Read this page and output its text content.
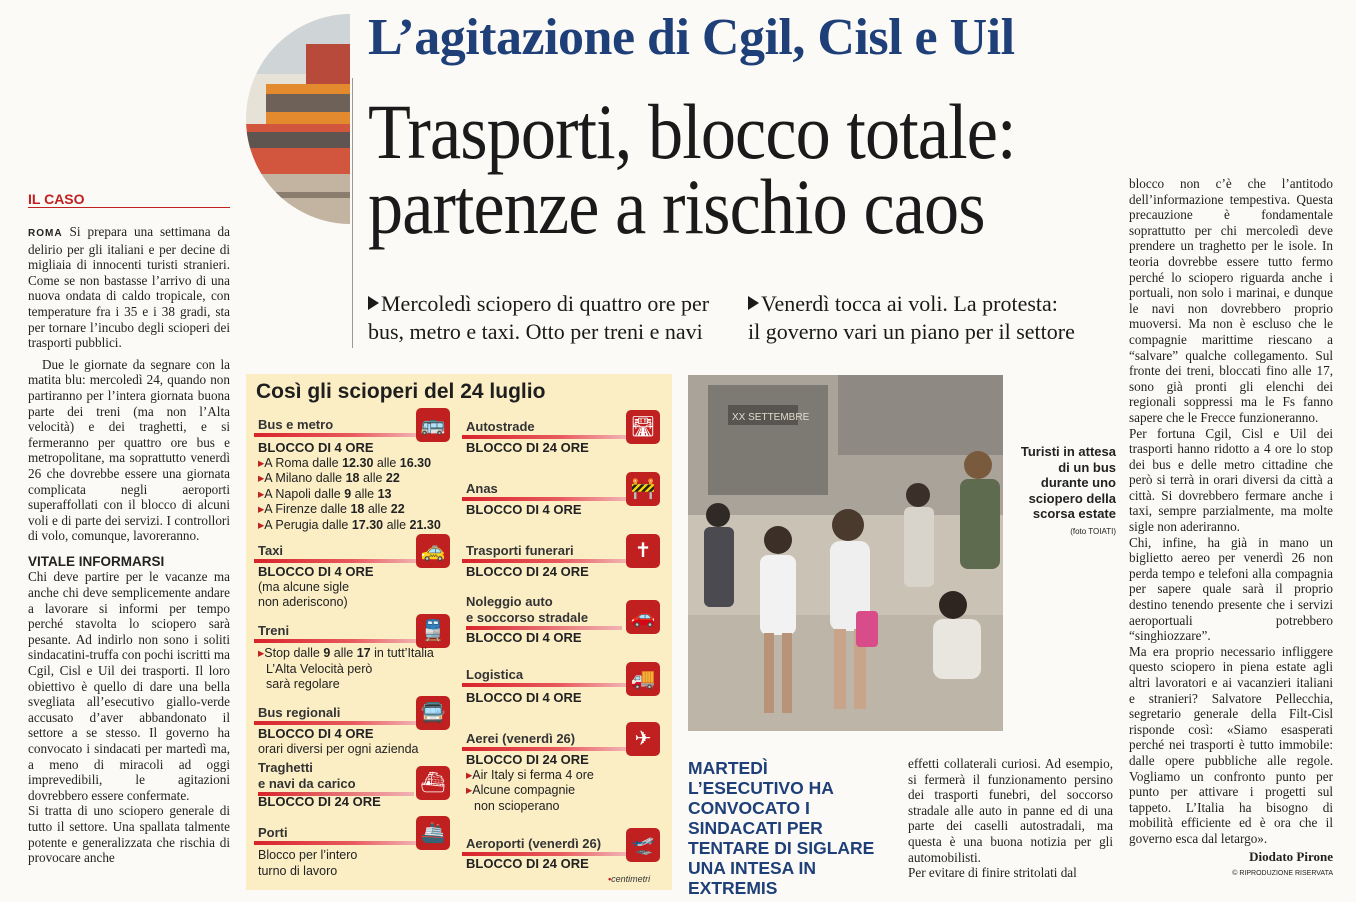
L’agitazione di Cgil, Cisl e Uil
Trasporti, blocco totale:
partenze a rischio caos
Mercoledì sciopero di quattro ore per
bus, metro e taxi. Otto per treni e navi
Venerdì tocca ai voli. La protesta:
il governo vari un piano per il settore
IL CASO

ROMA Si prepara una settimana da delirio per gli italiani e per decine di migliaia di innocenti turisti stranieri. Come se non bastasse l’arrivo di una nuova ondata di caldo tropicale, con temperature fra i 35 e i 38 gradi, sta per tornare l’incubo degli scioperi dei trasporti pubblici.

Due le giornate da segnare con la matita blu: mercoledì 24, quando non partiranno per l’intera giornata buona parte dei treni (ma non l’Alta velocità) e dei traghetti, e si fermeranno per quattro ore bus e metropolitane, ma soprattutto venerdì 26 che dovrebbe essere una giornata complicata negli aeroporti superaffollati con il blocco di alcuni voli e di parte dei servizi. I controllori di volo, comunque, lavoreranno.

VITALE INFORMARSI

Chi deve partire per le vacanze ma anche chi deve semplicemente andare a lavorare si informi per tempo perché stavolta lo sciopero sarà pesante. Ad indirlo non sono i soliti sindacatini-truffa con pochi iscritti ma Cgil, Cisl e Uil dei trasporti. Il loro obiettivo è quello di dare una bella svegliata all’esecutivo giallo-verde accusato d’aver abbandonato il settore a se stesso. Il governo ha convocato i sindacati per martedì ma, a meno di miracoli ad oggi imprevedibili, le agitazioni dovrebbero essere confermate.

Si tratta di uno sciopero generale di tutto il settore. Una spallata talmente potente e generalizzata che rischia di provocare anche

Così gli scioperi del 24 luglio
Bus e metro	🚌
BLOCCO DI 4 ORE
▸A Roma dalle 12.30 alle 16.30
▸A Milano dalle 18 alle 22
▸A Napoli dalle 9 alle 13
▸A Firenze dalle 18 alle 22
▸A Perugia dalle 17.30 alle 21.30
Taxi	🚕
BLOCCO DI 4 ORE
(ma alcune sigle
non aderiscono)
Treni	🚆
▸Stop dalle 9 alle 17 in tutt’Italia
L’Alta Velocità però
sarà regolare
Bus regionali	🚍
BLOCCO DI 4 ORE
orari diversi per ogni azienda
Traghetti
e navi da carico	⛴
BLOCCO DI 24 ORE
Porti	🚢
Blocco per l’intero
turno di lavoro
Autostrade	🛣
BLOCCO DI 24 ORE
Anas	🚧
BLOCCO DI 4 ORE
Trasporti funerari	✝
BLOCCO DI 24 ORE
Noleggio auto
e soccorso stradale	🚗
BLOCCO DI 4 ORE
Logistica	🚚
BLOCCO DI 4 ORE
Aerei (venerdì 26)	✈
BLOCCO DI 24 ORE
▸Air Italy si ferma 4 ore
▸Alcune compagnie
non scioperano
Aeroporti (venerdì 26)	🛫
BLOCCO DI 24 ORE
•centimetri
XX SETTEMBRE
Turisti in attesa di un bus durante uno sciopero della scorsa estate (foto TOIATI)
MARTEDÌ L’ESECUTIVO HA CONVOCATO I SINDACATI PER TENTARE DI SIGLARE UNA INTESA IN EXTREMIS

effetti collaterali curiosi. Ad esempio, si fermerà il funzionamento persino dei trasporti funebri, del soccorso stradale alle auto in panne ed di una parte dei caselli autostradali, ma questa è una buona notizia per gli automobilisti.

Per evitare di finire stritolati dal

blocco non c’è che l’antitodo dell’informazione tempestiva. Questa precauzione è fondamentale soprattutto per chi mercoledì deve prendere un traghetto per le isole. In teoria dovrebbe essere tutto fermo perché lo sciopero riguarda anche i portuali, non solo i marinai, e dunque le navi non dovrebbero proprio muoversi. Ma non è escluso che le compagnie marittime riescano a “salvare” qualche collegamento. Sul fronte dei treni, bloccati fino alle 17, sono già pronti gli elenchi dei regionali soppressi ma le Fs fanno sapere che le Frecce funzioneranno.

Per fortuna Cgil, Cisl e Uil dei trasporti hanno ridotto a 4 ore lo stop dei bus e delle metro cittadine che però si terrà in orari diversi da città a città. Si dovrebbero fermare anche i taxi, sempre parzialmente, ma molte sigle non aderiranno.

Chi, infine, ha già in mano un biglietto aereo per venerdì 26 non perda tempo e telefoni alla compagnia per sapere quale sarà il proprio destino tenendo presente che i servizi aeroportuali potrebbero “singhiozzare”.

Ma era proprio necessario infliggere questo sciopero in piena estate agli altri lavoratori e ai vacanzieri italiani e stranieri? Salvatore Pellecchia, segretario generale della Filt-Cisl risponde così: «Siamo esasperati perché nei trasporti è tutto immobile: dalle opere pubbliche alle regole. Vogliamo un confronto punto per punto per attivare i progetti sul tappeto. L’Italia ha bisogno di mobilità efficiente ed è ora che il governo esca dal letargo».

Diodato Pirone
© RIPRODUZIONE RISERVATA
